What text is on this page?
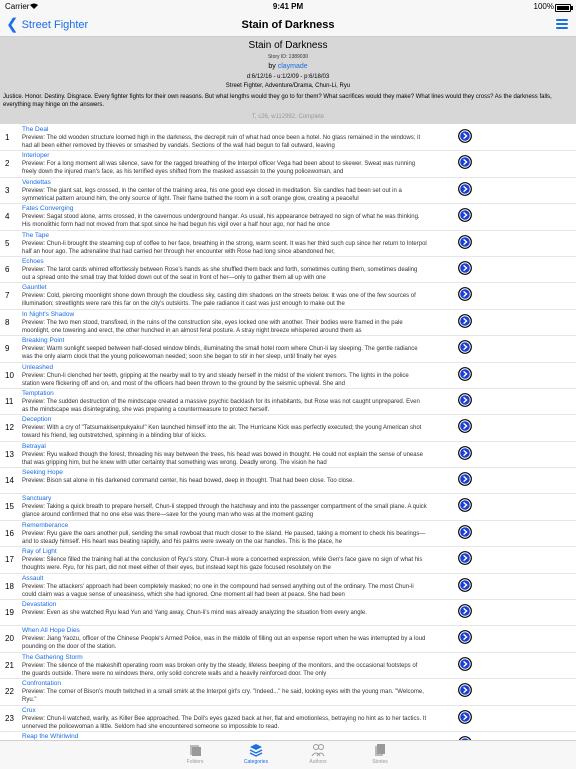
Carrier	9:41 PM	100%
❮ Street Fighter	Stain of Darkness
Stain of Darkness
Story ID: 1389030
by claymade
d:6/12/16 - u:1/2/09 - p:6/18/03
Street Fighter, Adventure/Drama, Chun-Li, Ryu
Justice. Honor. Destiny. Disgrace. Every fighter fights for their own reasons. But what lengths would they go to for them? What sacrifices would they make? What lines would they cross? As the darkness falls, everything may hinge on the answers.
T, c26, w112992, Complete
1
The Deal
Preview: The old wooden structure loomed high in the darkness, the decrepit ruin of what had once been a hotel. No glass remained in the windows; it had all been either removed by thieves or smashed by vandals. Sections of the wall had begun to fall outward, leaving
2
Interloper
Preview: For a long moment all was silence, save for the ragged breathing of the Interpol officer Vega had been about to skewer. Sweat was running freely down the injured man's face, as his terrified eyes shifted from the masked assassin to the young policewoman, and
3
Vendettas
Preview: The giant sat, legs crossed, in the center of the training area, his one good eye closed in meditation. Six candles had been set out in a symmetrical pattern around him, the only source of light. Their flame bathed the room in a soft orange glow, creating a peaceful
4
Fates Converging
Preview: Sagat stood alone, arms crossed, in the cavernous underground hangar. As usual, his appearance betrayed no sign of what he was thinking. His monolithic form had not moved from that spot since he had begun his vigil over a half hour ago, nor had he once
5
The Tape
Preview: Chun-li brought the steaming cup of coffee to her face, breathing in the strong, warm scent. It was her third such cup since her return to Interpol half an hour ago. The adrenaline that had carried her through her encounter with Rose had long since abandoned her,
6
Echoes
Preview: The tarot cards whirred effortlessly between Rose's hands as she shuffled them back and forth, sometimes cutting them, sometimes dealing out a spread onto the small tray that folded down out of the seat in front of her—only to gather them all up with one
7
Gauntlet
Preview: Cold, piercing moonlight shone down through the cloudless sky, casting dim shadows on the streets below. It was one of the few sources of illumination; streetlights were rare this far on the city's outskirts. The pale radiance it cast was just enough to make out the
8
In Night's Shadow
Preview: The two men stood, transfixed, in the ruins of the construction site, eyes locked one with another. Their bodies were framed in the pale moonlight, one towering and erect, the other hunched in an almost feral posture. A stray night breeze whispered around them as
9
Breaking Point
Preview: Warm sunlight seeped between half-closed window blinds, illuminating the small hotel room where Chun-li lay sleeping. The gentle radiance was the only alarm clock that the young policewoman needed; soon she began to stir in her sleep, until finally her eyes
10
Unleashed
Preview: Chun-li clenched her teeth, gripping at the nearby wall to try and steady herself in the midst of the violent tremors. The lights in the police station were flickering off and on, and most of the officers had been thrown to the ground by the seismic upheval. She and
11
Temptation
Preview: The sudden destruction of the mindscape created a massive psychic backlash for its inhabitants, but Rose was not caught unprepared. Even as the mindscape was disintegrating, she was preparing a countermeasure to protect herself.
12
Deception
Preview: With a cry of "Tatsumakisenpukyaku!" Ken launched himself into the air. The Hurricane Kick was perfectly executed; the young American shot toward his friend, leg outstretched, spinning in a blinding blur of kicks.
13
Betrayal
Preview: Ryu walked though the forest, threading his way between the trees, his head was bowed in thought. He could not explain the sense of unease that was gripping him, but he knew with utter certainty that something was wrong. Deadly wrong. The vision he had
14
Seeking Hope
Preview: Bison sat alone in his darkened command center, his head bowed, deep in thought. That had been close. Too close.
15
Sanctuary
Preview: Taking a quick breath to prepare herself, Chun-li stepped through the hatchway and into the passenger compartment of the small plane. A quick glance around confirmed that no one else was there—save for the young man who was at the moment gazing
16
Rememberance
Preview: Ryu gave the oars another pull, sending the small rowboat that much closer to the island. He paused, taking a moment to check his bearings—and to steady himself. His heart was beating rapidly, and his palms were sweaty on the oar handles. This is the place, he
17
Ray of Light
Preview: Silence filled the training hall at the conclusion of Ryu's story. Chun-li wore a concerned expression, while Gen's face gave no sign of what his thoughts were. Ryu, for his part, did not meet either of their eyes, but instead kept his gaze focused resolutely on the
18
Assault
Preview: The attackers' approach had been completely masked; no one in the compound had sensed anything out of the ordinary. The most Chun-li could claim was a vague sense of uneasiness, which she had ignored. One moment all had been at peace. She had been
19
Devastation
Preview: Even as she watched Ryu lead Yun and Yang away, Chun-li's mind was already analyzing the situation from every angle.
20
When All Hope Dies
Preview: Jiang Yaozu, officer of the Chinese People's Armed Police, was in the middle of filling out an expense report when he was interrupted by a loud pounding on the door of the station.
21
The Gathering Storm
Preview: The silence of the makeshift operating room was broken only by the steady, lifeless beeping of the monitors, and the occasional footsteps of the guards outside. There were no windows there, only solid concrete walls and a heavily reinforced door. The only
22
Confrontation
Preview: The corner of Bison's mouth twitched in a small smirk at the Interpol girl's cry. "Indeed..." he said, looking eyes with the young man. "Welcome, Ryu."
23
Crux
Preview: Chun-li watched, warily, as Killer Bee approached. The Doll's eyes gazed back at her, flat and emotionless, betraying no hint as to her tactics. It unnerved the policewoman a little. Seldom had she encountered someone so impossible to read.
Reap the Whirlwind
Folders	Categories	Authors	Stories
